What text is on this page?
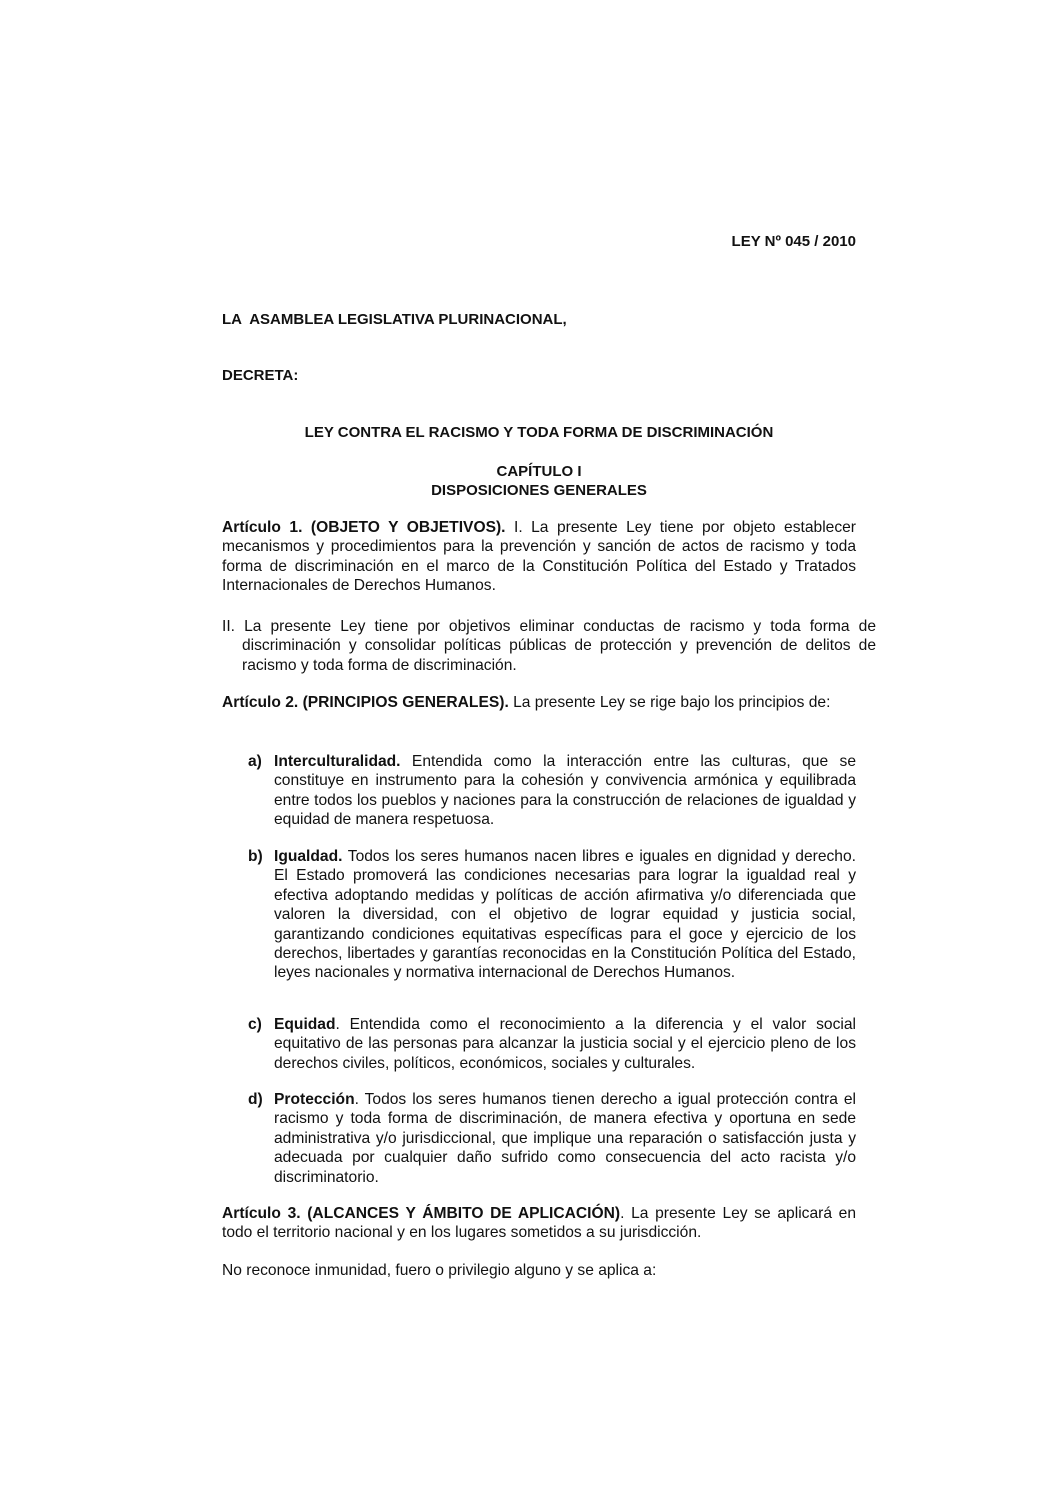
LEY Nº 045 / 2010
LA  ASAMBLEA LEGISLATIVA PLURINACIONAL,
DECRETA:
LEY CONTRA EL RACISMO Y TODA FORMA DE DISCRIMINACIÓN
CAPÍTULO I
DISPOSICIONES GENERALES
Artículo 1. (OBJETO Y OBJETIVOS). I. La presente Ley tiene por objeto establecer mecanismos y procedimientos para la prevención y sanción de actos de racismo y toda forma de discriminación en el marco de la Constitución Política del Estado y Tratados Internacionales de Derechos Humanos.
II. La presente Ley tiene por objetivos eliminar conductas de racismo y toda forma de discriminación y consolidar políticas públicas de protección y prevención de delitos de racismo y toda forma de discriminación.
Artículo 2. (PRINCIPIOS GENERALES). La presente Ley se rige bajo los principios de:
a) Interculturalidad. Entendida como la interacción entre las culturas, que se constituye en instrumento para la cohesión y convivencia armónica y equilibrada entre todos los pueblos y naciones para la construcción de relaciones de igualdad y equidad de manera respetuosa.
b) Igualdad. Todos los seres humanos nacen libres e iguales en dignidad y derecho. El Estado promoverá las condiciones necesarias para lograr la igualdad real y efectiva adoptando medidas y políticas de acción afirmativa y/o diferenciada que valoren la diversidad, con el objetivo de lograr equidad y justicia social, garantizando condiciones equitativas específicas para el goce y ejercicio de los derechos, libertades y garantías reconocidas en la Constitución Política del Estado, leyes nacionales y normativa internacional de Derechos Humanos.
c) Equidad. Entendida como el reconocimiento a la diferencia y el valor social equitativo de las personas para alcanzar la justicia social y el ejercicio pleno de los derechos civiles, políticos, económicos, sociales y culturales.
d) Protección. Todos los seres humanos tienen derecho a igual protección contra el racismo y toda forma de discriminación, de manera efectiva y oportuna en sede administrativa y/o jurisdiccional, que implique una reparación o satisfacción justa y adecuada por cualquier daño sufrido como consecuencia del acto racista y/o discriminatorio.
Artículo 3. (ALCANCES Y ÁMBITO DE APLICACIÓN). La presente Ley se aplicará en todo el territorio nacional y en los lugares sometidos a su jurisdicción.
No reconoce inmunidad, fuero o privilegio alguno y se aplica a:
